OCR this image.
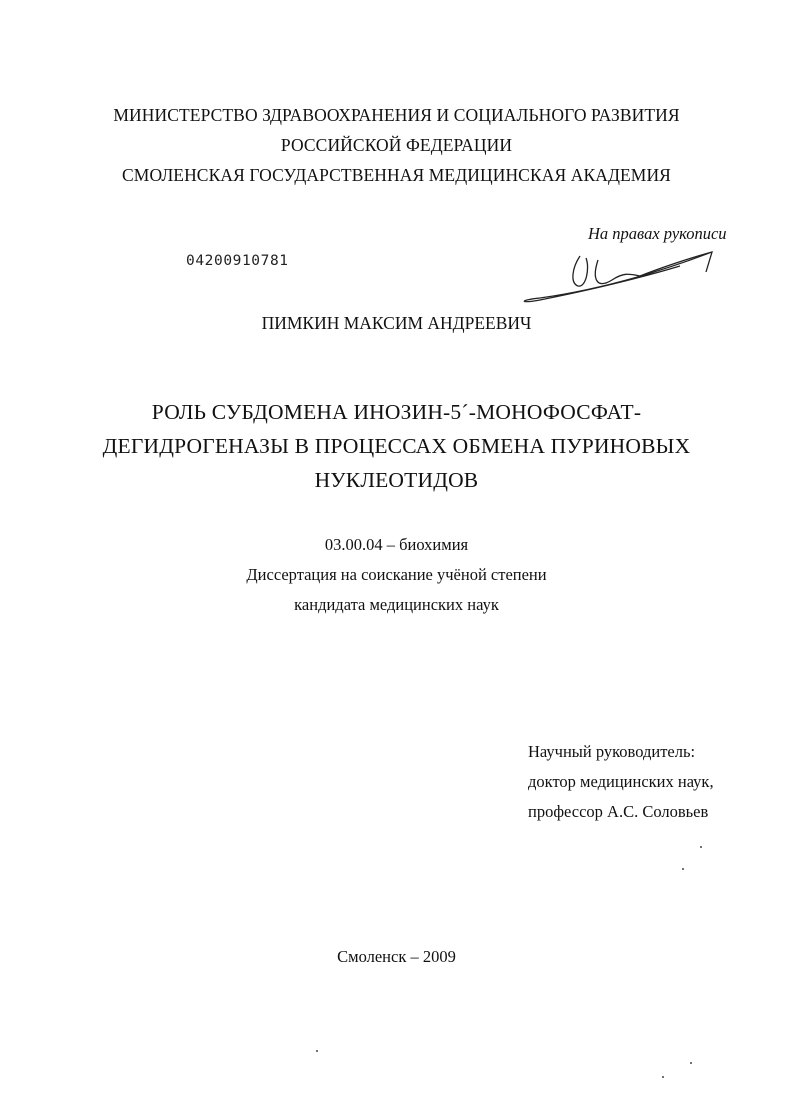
МИНИСТЕРСТВО ЗДРАВООХРАНЕНИЯ И СОЦИАЛЬНОГО РАЗВИТИЯ
РОССИЙСКОЙ ФЕДЕРАЦИИ
СМОЛЕНСКАЯ ГОСУДАРСТВЕННАЯ МЕДИЦИНСКАЯ АКАДЕМИЯ
На правах рукописи
04200910781
ПИМКИН МАКСИМ АНДРЕЕВИЧ
РОЛЬ СУБДОМЕНА ИНОЗИН-5´-МОНОФОСФАТ-
ДЕГИДРОГЕНАЗЫ В ПРОЦЕССАХ ОБМЕНА ПУРИНОВЫХ
НУКЛЕОТИДОВ
03.00.04 – биохимия
Диссертация на соискание учёной степени
кандидата медицинских наук
Научный руководитель:
доктор медицинских наук,
профессор А.С. Соловьев
Смоленск – 2009
